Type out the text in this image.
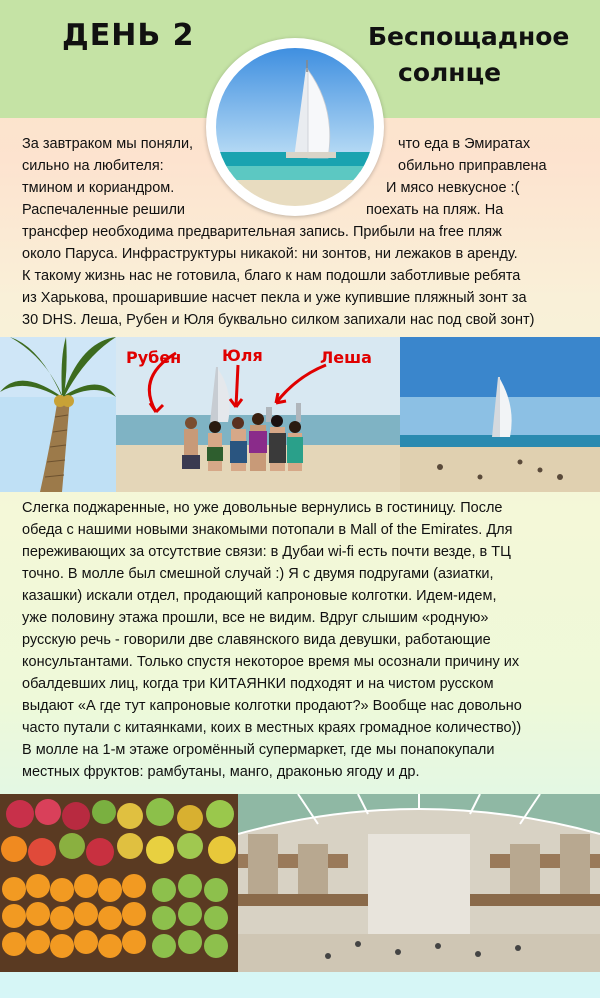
ДЕНЬ 2	Беспощадное
солнце
За завтраком мы поняли,	что еда в Эмиратах
сильно на любителя:	обильно приправлена
тмином и кориандром.	И мясо невкусное :(
Распечаленные решили	поехать на пляж. На
трансфер необходима предварительная запись. Прибыли на free пляж
около Паруса. Инфраструктуры никакой: ни зонтов, ни лежаков в аренду.
К такому жизнь нас не готовила, благо к нам подошли заботливые ребята
из Харькова, прошарившие насчет пекла и уже купившие пляжный зонт за
30 DHS. Леша, Рубен и Юля буквально силком запихали нас под свой зонт)
Рубен	Юля	Леша
Слегка поджаренные, но уже довольные вернулись в гостиницу. После
обеда с нашими новыми знакомыми потопали в Mall of the Emirates. Для
переживающих за отсутствие связи: в Дубаи wi-fi есть почти везде, в ТЦ
точно. В молле был смешной случай :) Я с двумя подругами (азиатки,
казашки) искали отдел, продающий капроновые колготки. Идем-идем,
уже половину этажа прошли, все не видим. Вдруг слышим «родную»
русскую речь - говорили две славянского вида девушки, работающие
консультантами. Только спустя некоторое время мы осознали причину их
обалдевших лиц, когда три КИТАЯНКИ подходят и на чистом русском
выдают «А где тут капроновые колготки продают?» Вообще нас довольно
часто путали с китаянками, коих в местных краях громадное количество))
В молле на 1-м этаже огромённый супермаркет, где мы понапокупали
местных фруктов: рамбутаны, манго, драконью ягоду и др.
